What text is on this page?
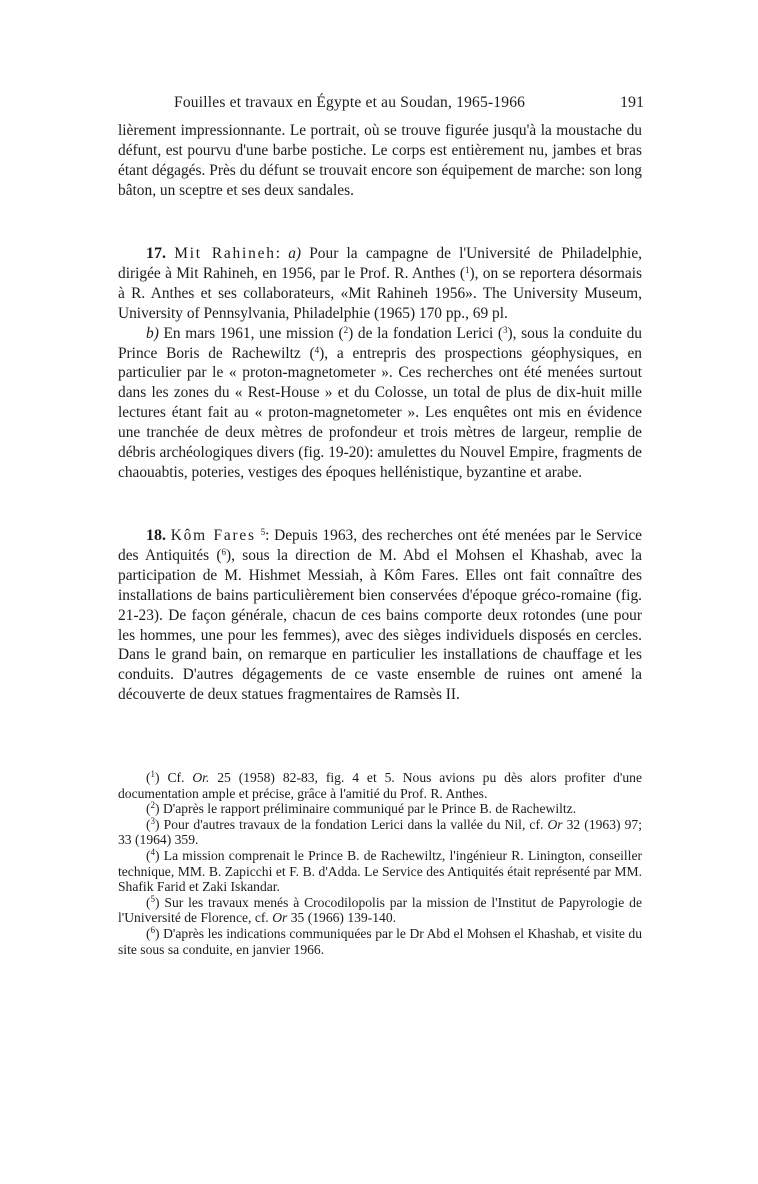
Fouilles et travaux en Égypte et au Soudan, 1965-1966	191

lièrement impressionnante. Le portrait, où se trouve figurée jusqu'à la moustache du défunt, est pourvu d'une barbe postiche. Le corps est entièrement nu, jambes et bras étant dégagés. Près du défunt se trouvait encore son équipement de marche: son long bâton, un sceptre et ses deux sandales.

17. Mit Rahineh: a) Pour la campagne de l'Université de Philadelphie, dirigée à Mit Rahineh, en 1956, par le Prof. R. Anthes ($^1$), on se reportera désormais à R. Anthes et ses collaborateurs, «Mit Rahineh 1956». The University Museum, University of Pennsylvania, Philadelphie (1965) 170 pp., 69 pl.

b) En mars 1961, une mission ($^2$) de la fondation Lerici ($^3$), sous la conduite du Prince Boris de Rachewiltz ($^4$), a entrepris des prospections géophysiques, en particulier par le « proton-magnetometer ». Ces recherches ont été menées surtout dans les zones du « Rest-House » et du Colosse, un total de plus de dix-huit mille lectures étant fait au « proton-magnetometer ». Les enquêtes ont mis en évidence une tranchée de deux mètres de profondeur et trois mètres de largeur, remplie de débris archéologiques divers (fig. 19-20): amulettes du Nouvel Empire, fragments de chaouabtis, poteries, vestiges des époques hellénistique, byzantine et arabe.

18. Kôm Fares $^5$: Depuis 1963, des recherches ont été menées par le Service des Antiquités ($^6$), sous la direction de M. Abd el Mohsen el Khashab, avec la participation de M. Hishmet Messiah, à Kôm Fares. Elles ont fait connaître des installations de bains particulièrement bien conservées d'époque gréco-romaine (fig. 21-23). De façon générale, chacun de ces bains comporte deux rotondes (une pour les hommes, une pour les femmes), avec des sièges individuels disposés en cercles. Dans le grand bain, on remarque en particulier les installations de chauffage et les conduits. D'autres dégagements de ce vaste ensemble de ruines ont amené la découverte de deux statues fragmentaires de Ramsès II.

($^1$) Cf. Or. 25 (1958) 82-83, fig. 4 et 5. Nous avions pu dès alors profiter d'une documentation ample et précise, grâce à l'amitié du Prof. R. Anthes.

($^2$) D'après le rapport préliminaire communiqué par le Prince B. de Rachewiltz.

($^3$) Pour d'autres travaux de la fondation Lerici dans la vallée du Nil, cf. Or 32 (1963) 97; 33 (1964) 359.

($^4$) La mission comprenait le Prince B. de Rachewiltz, l'ingénieur R. Linington, conseiller technique, MM. B. Zapicchi et F. B. d'Adda. Le Service des Antiquités était représenté par MM. Shafik Farid et Zaki Iskandar.

($^5$) Sur les travaux menés à Crocodilopolis par la mission de l'Institut de Papyrologie de l'Université de Florence, cf. Or 35 (1966) 139-140.

($^6$) D'après les indications communiquées par le Dr Abd el Mohsen el Khashab, et visite du site sous sa conduite, en janvier 1966.
